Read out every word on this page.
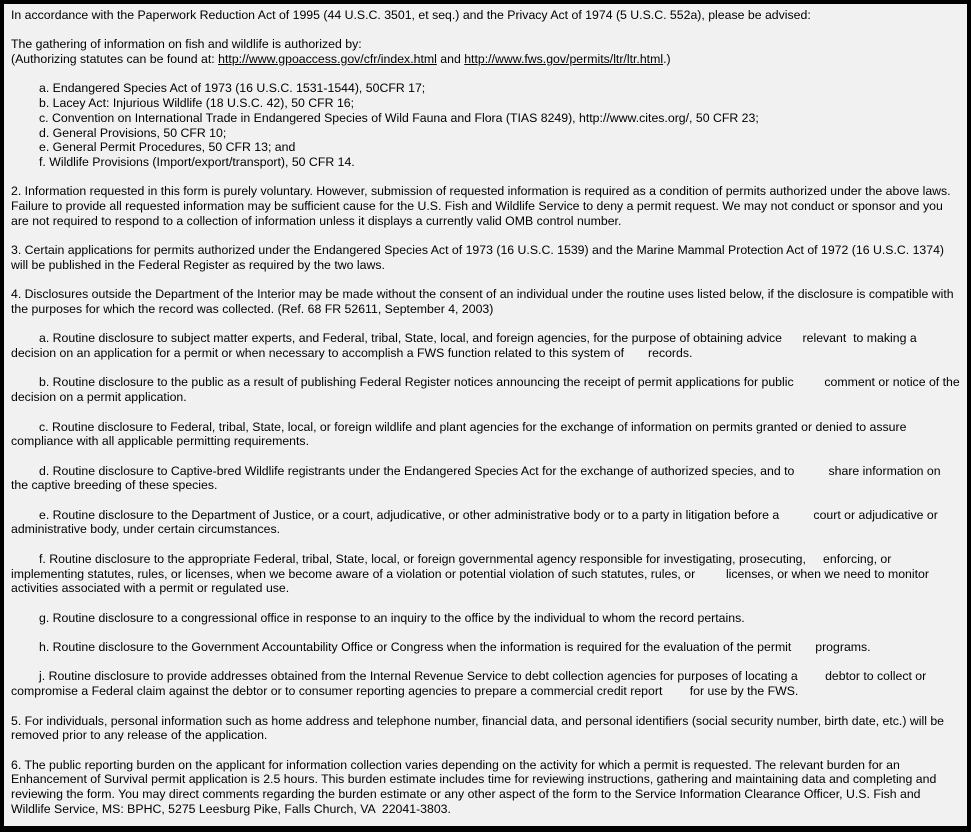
In accordance with the Paperwork Reduction Act of 1995 (44 U.S.C. 3501, et seq.) and the Privacy Act of 1974 (5 U.S.C. 552a), please be advised:

The gathering of information on fish and wildlife is authorized by:

(Authorizing statutes can be found at: http://www.gpoaccess.gov/cfr/index.html and http://www.fws.gov/permits/ltr/ltr.html.)

a. Endangered Species Act of 1973 (16 U.S.C. 1531-1544), 50CFR 17;

b. Lacey Act: Injurious Wildlife (18 U.S.C. 42), 50 CFR 16;

c. Convention on International Trade in Endangered Species of Wild Fauna and Flora (TIAS 8249), http://www.cites.org/, 50 CFR 23;

d. General Provisions, 50 CFR 10;

e. General Permit Procedures, 50 CFR 13; and

f. Wildlife Provisions (Import/export/transport), 50 CFR 14.

2. Information requested in this form is purely voluntary. However, submission of requested information is required as a condition of permits authorized under the above laws. Failure to provide all requested information may be sufficient cause for the U.S. Fish and Wildlife Service to deny a permit request. We may not conduct or sponsor and you are not required to respond to a collection of information unless it displays a currently valid OMB control number.

3. Certain applications for permits authorized under the Endangered Species Act of 1973 (16 U.S.C. 1539) and the Marine Mammal Protection Act of 1972 (16 U.S.C. 1374) will be published in the Federal Register as required by the two laws.

4. Disclosures outside the Department of the Interior may be made without the consent of an individual under the routine uses listed below, if the disclosure is compatible with the purposes for which the record was collected. (Ref. 68 FR 52611, September 4, 2003)

a. Routine disclosure to subject matter experts, and Federal, tribal, State, local, and foreign agencies, for the purpose of obtaining advice      relevant  to making a decision on an application for a permit or when necessary to accomplish a FWS function related to this system of       records.

b. Routine disclosure to the public as a result of publishing Federal Register notices announcing the receipt of permit applications for public         comment or notice of the decision on a permit application.

c. Routine disclosure to Federal, tribal, State, local, or foreign wildlife and plant agencies for the exchange of information on permits granted or denied to assure compliance with all applicable permitting requirements.

d. Routine disclosure to Captive-bred Wildlife registrants under the Endangered Species Act for the exchange of authorized species, and to          share information on the captive breeding of these species.

e. Routine disclosure to the Department of Justice, or a court, adjudicative, or other administrative body or to a party in litigation before a          court or adjudicative or administrative body, under certain circumstances.

f. Routine disclosure to the appropriate Federal, tribal, State, local, or foreign governmental agency responsible for investigating, prosecuting,     enforcing, or implementing statutes, rules, or licenses, when we become aware of a violation or potential violation of such statutes, rules, or         licenses, or when we need to monitor activities associated with a permit or regulated use.

g. Routine disclosure to a congressional office in response to an inquiry to the office by the individual to whom the record pertains.

h. Routine disclosure to the Government Accountability Office or Congress when the information is required for the evaluation of the permit       programs.

j. Routine disclosure to provide addresses obtained from the Internal Revenue Service to debt collection agencies for purposes of locating a        debtor to collect or compromise a Federal claim against the debtor or to consumer reporting agencies to prepare a commercial credit report        for use by the FWS.

5. For individuals, personal information such as home address and telephone number, financial data, and personal identifiers (social security number, birth date, etc.) will be removed prior to any release of the application.

6. The public reporting burden on the applicant for information collection varies depending on the activity for which a permit is requested. The relevant burden for an Enhancement of Survival permit application is 2.5 hours. This burden estimate includes time for reviewing instructions, gathering and maintaining data and completing and reviewing the form. You may direct comments regarding the burden estimate or any other aspect of the form to the Service Information Clearance Officer, U.S. Fish and Wildlife Service, MS: BPHC, 5275 Leesburg Pike, Falls Church, VA  22041-3803.
